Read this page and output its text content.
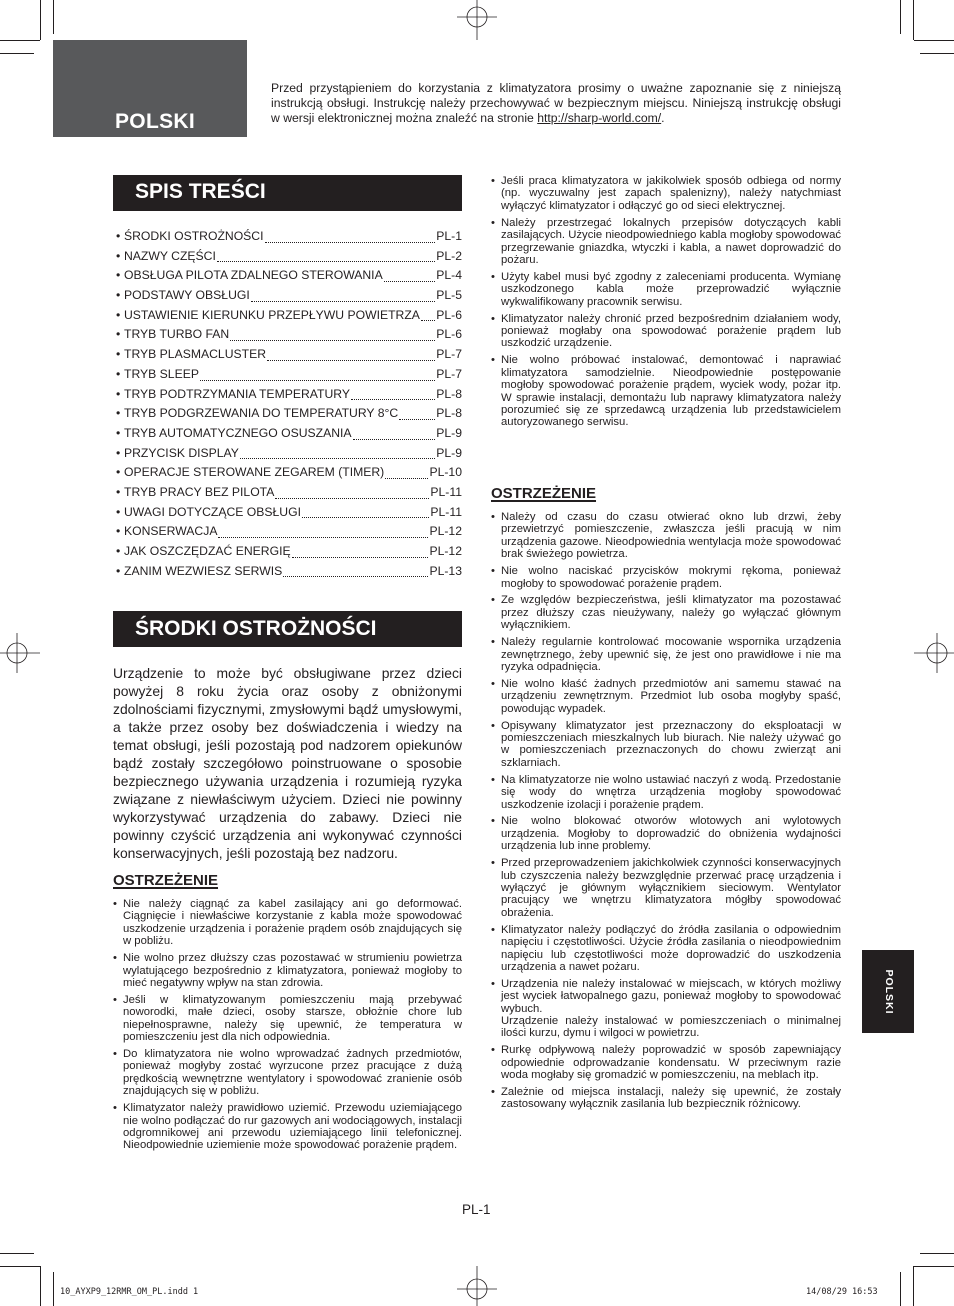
POLSKI
Przed przystąpieniem do korzystania z klimatyzatora prosimy o uważne zapoznanie się z niniejszą instrukcją obsługi. Instrukcję należy przechowywać w bezpiecznym miejscu. Niniejszą instrukcję obsługi w wersji elektronicznej można znaleźć na stronie http://sharp-world.com/.
SPIS TREŚCI
• ŚRODKI OSTROŻNOŚCI	PL-1
• NAZWY CZĘŚCI	PL-2
• OBSŁUGA PILOTA ZDALNEGO STEROWANIA	PL-4
• PODSTAWY OBSŁUGI	PL-5
• USTAWIENIE KIERUNKU PRZEPŁYWU POWIETRZA PL-6
• TRYB TURBO FAN	PL-6
• TRYB PLASMACLUSTER	PL-7
• TRYB SLEEP	PL-7
• TRYB PODTRZYMANIA TEMPERATURY	PL-8
• TRYB PODGRZEWANIA DO TEMPERATURY 8°C	PL-8
• TRYB AUTOMATYCZNEGO OSUSZANIA	PL-9
• PRZYCISK DISPLAY	PL-9
• OPERACJE STEROWANE ZEGAREM (TIMER)	PL-10
• TRYB PRACY BEZ PILOTA	PL-11
• UWAGI DOTYCZĄCE OBSŁUGI	PL-11
• KONSERWACJA	PL-12
• JAK OSZCZĘDZAĆ ENERGIĘ	PL-12
• ZANIM WEZWIESZ SERWIS	PL-13
ŚRODKI OSTROŻNOŚCI
Urządzenie to może być obsługiwane przez dzieci powyżej 8 roku życia oraz osoby z obniżonymi zdolnościami fizycznymi, zmysłowymi bądź umysłowymi, a także przez osoby bez doświadczenia i wiedzy na temat obsługi, jeśli pozostają pod nadzorem opiekunów bądź zostały szczegółowo poinstruowane o sposobie bezpiecznego używania urządzenia i rozumieją ryzyka związane z niewłaściwym użyciem. Dzieci nie powinny wykorzystywać urządzenia do zabawy. Dzieci nie powinny czyścić urządzenia ani wykonywać czynności konserwacyjnych, jeśli pozostają bez nadzoru.
OSTRZEŻENIE
• Nie należy ciągnąć za kabel zasilający ani go deformować. Ciągnięcie i niewłaściwe korzystanie z kabla może spowodować uszkodzenie urządzenia i porażenie prądem osób znajdujących się w pobliżu.
• Nie wolno przez dłuższy czas pozostawać w strumieniu powietrza wylatującego bezpośrednio z klimatyzatora, ponieważ mogłoby to mieć negatywny wpływ na stan zdrowia.
• Jeśli w klimatyzowanym pomieszczeniu mają przebywać noworodki, małe dzieci, osoby starsze, obłożnie chore lub niepełnosprawne, należy się upewnić, że temperatura w pomieszczeniu jest dla nich odpowiednia.
• Do klimatyzatora nie wolno wprowadzać żadnych przedmiotów, ponieważ mogłyby zostać wyrzucone przez pracujące z dużą prędkością wewnętrzne wentylatory i spowodować zranienie osób znajdujących się w pobliżu.
• Klimatyzator należy prawidłowo uziemić. Przewodu uziemiającego nie wolno podłączać do rur gazowych ani wodociągowych, instalacji odgromnikowej ani przewodu uziemiającego linii telefonicznej. Nieodpowiednie uziemienie może spowodować porażenie prądem.
• Jeśli praca klimatyzatora w jakikolwiek sposób odbiega od normy (np. wyczuwalny jest zapach spalenizny), należy natychmiast wyłączyć klimatyzator i odłączyć go od sieci elektrycznej.
• Należy przestrzegać lokalnych przepisów dotyczących kabli zasilających. Użycie nieodpowiedniego kabla mogłoby spowodować przegrzewanie gniazdka, wtyczki i kabla, a nawet doprowadzić do pożaru.
• Użyty kabel musi być zgodny z zaleceniami producenta. Wymianę uszkodzonego kabla może przeprowadzić wyłącznie wykwalifikowany pracownik serwisu.
• Klimatyzator należy chronić przed bezpośrednim działaniem wody, ponieważ mogłaby ona spowodować porażenie prądem lub uszkodzić urządzenie.
• Nie wolno próbować instalować, demontować i naprawiać klimatyzatora samodzielnie. Nieodpowiednie postępowanie mogłoby spowodować porażenie prądem, wyciek wody, pożar itp. W sprawie instalacji, demontażu lub naprawy klimatyzatora należy porozumieć się ze sprzedawcą urządzenia lub przedstawicielem autoryzowanego serwisu.
OSTRZEŻENIE
• Należy od czasu do czasu otwierać okno lub drzwi, żeby przewietrzyć pomieszczenie, zwłaszcza jeśli pracują w nim urządzenia gazowe. Nieodpowiednia wentylacja może spowodować brak świeżego powietrza.
• Nie wolno naciskać przycisków mokrymi rękoma, ponieważ mogłoby to spowodować porażenie prądem.
• Ze względów bezpieczeństwa, jeśli klimatyzator ma pozostawać przez dłuższy czas nieużywany, należy go wyłączać głównym wyłącznikiem.
• Należy regularnie kontrolować mocowanie wspornika urządzenia zewnętrznego, żeby upewnić się, że jest ono prawidłowe i nie ma ryzyka odpadnięcia.
• Nie wolno kłaść żadnych przedmiotów ani samemu stawać na urządzeniu zewnętrznym. Przedmiot lub osoba mogłyby spaść, powodując wypadek.
• Opisywany klimatyzator jest przeznaczony do eksploatacji w pomieszczeniach mieszkalnych lub biurach. Nie należy używać go w pomieszczeniach przeznaczonych do chowu zwierząt ani szklarniach.
• Na klimatyzatorze nie wolno ustawiać naczyń z wodą. Przedostanie się wody do wnętrza urządzenia mogłoby spowodować uszkodzenie izolacji i porażenie prądem.
• Nie wolno blokować otworów wlotowych ani wylotowych urządzenia. Mogłoby to doprowadzić do obniżenia wydajności urządzenia lub inne problemy.
• Przed przeprowadzeniem jakichkolwiek czynności konserwacyjnych lub czyszczenia należy bezwzględnie przerwać pracę urządzenia i wyłączyć je głównym wyłącznikiem sieciowym. Wentylator pracujący we wnętrzu klimatyzatora mógłby spowodować obrażenia.
• Klimatyzator należy podłączyć do źródła zasilania o odpowiednim napięciu i częstotliwości. Użycie źródła zasilania o nieodpowiednim napięciu lub częstotliwości może doprowadzić do uszkodzenia urządzenia a nawet pożaru.
• Urządzenia nie należy instalować w miejscach, w których możliwy jest wyciek łatwopalnego gazu, ponieważ mogłoby to spowodować wybuch.
Urządzenie należy instalować w pomieszczeniach o minimalnej ilości kurzu, dymu i wilgoci w powietrzu.
• Rurkę odpływową należy poprowadzić w sposób zapewniający odpowiednie odprowadzanie kondensatu. W przeciwnym razie woda mogłaby się gromadzić w pomieszczeniu, na meblach itp.
• Zależnie od miejsca instalacji, należy się upewnić, że zostały zastosowany wyłącznik zasilania lub bezpiecznik różnicowy.
POLSKI
PL-1
10_AYXP9_12RMR_OM_PL.indd 1	14/08/29 16:53
